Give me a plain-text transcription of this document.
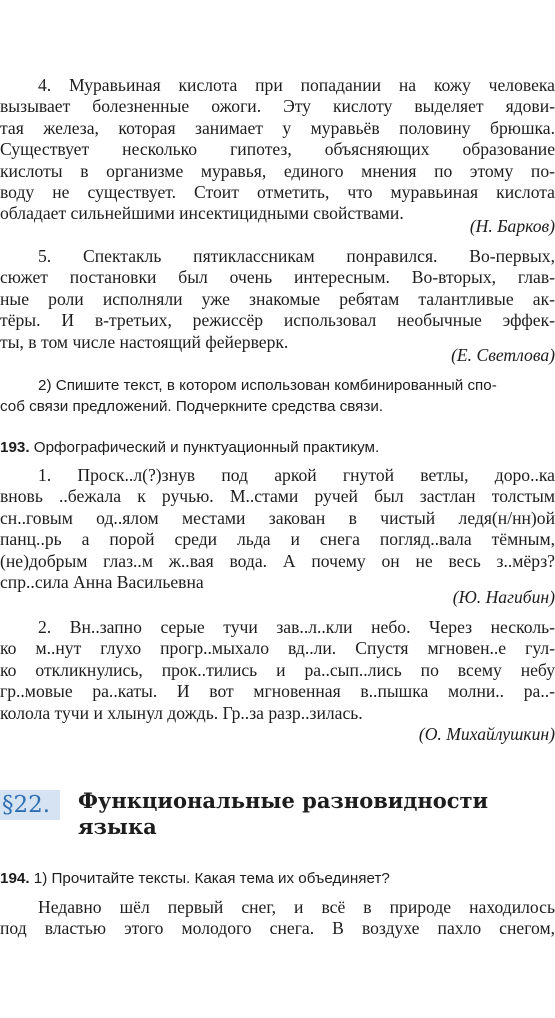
4. Муравьиная кислота при попадании на кожу человека
вызывает болезненные ожоги. Эту кислоту выделяет ядови-
тая железа, которая занимает у муравьёв половину брюшка.
Существует несколько гипотез, объясняющих образование
кислоты в организме муравья, единого мнения по этому по-
воду не существует. Стоит отметить, что муравьиная кислота
обладает сильнейшими инсектицидными свойствами.
(Н. Барков)
5. Спектакль пятиклассникам понравился. Во-первых,
сюжет постановки был очень интересным. Во-вторых, глав-
ные роли исполняли уже знакомые ребятам талантливые ак-
тёры. И в-третьих, режиссёр использовал необычные эффек-
ты, в том числе настоящий фейерверк.
(Е. Светлова)
2) Спишите текст, в котором использован комбинированный спо-
соб связи предложений. Подчеркните средства связи.
193. Орфографический и пунктуационный практикум.
1. Проск..л(?)знув под аркой гнутой ветлы, доро..ка
вновь ..бежала к ручью. М..стами ручей был застлан толстым
сн..говым од..ялом местами закован в чистый ледя(н/нн)ой
панц..рь а порой среди льда и снега погляд..вала тёмным,
(не)добрым глаз..м ж..вая вода. А почему он не весь з..мёрз?
спр..сила Анна Васильевна
(Ю. Нагибин)
2. Вн..запно серые тучи зав..л..кли небо. Через несколь-
ко м..нут глухо прогр..мыхало вд..ли. Спустя мгновен..е гул-
ко откликнулись, прок..тились и ра..сып..лись по всему небу
гр..мовые ра..каты. И вот мгновенная в..пышка молни.. ра..-
колола тучи и хлынул дождь. Гр..за разр..зилась.
(О. Михайлушкин)
§22. Функциональные разновидности
языка
194. 1) Прочитайте тексты. Какая тема их объединяет?
Недавно шёл первый снег, и всё в природе находилось
под властью этого молодого снега. В воздухе пахло снегом,
